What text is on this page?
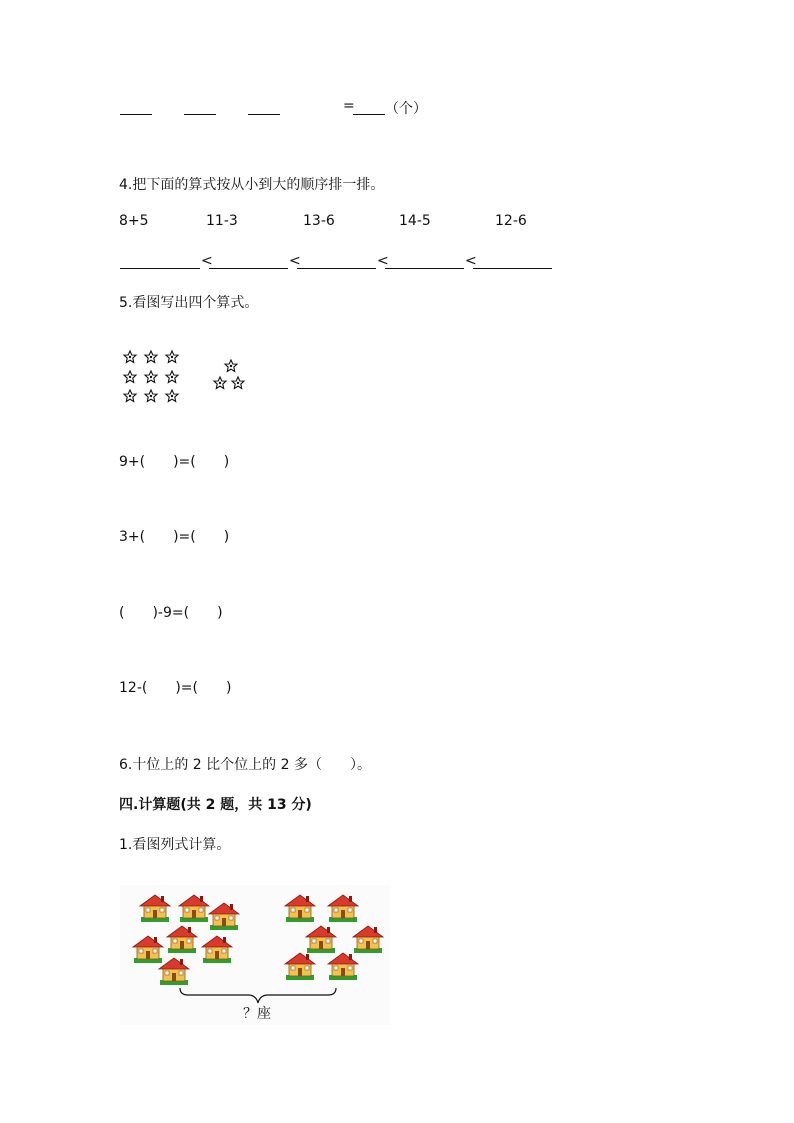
= （个）
4.把下面的算式按从小到大的顺序排一排。
8+5	11-3	13-6	14-5	12-6
<	<	<	<
5.看图写出四个算式。
9+(　　)=(　　)
3+(　　)=(　　)
(　　)-9=(　　)
12-(　　)=(　　)
6.十位上的 2 比个位上的 2 多（　　）。
四.计算题(共 2 题，共 13 分)
1.看图列式计算。
？座
